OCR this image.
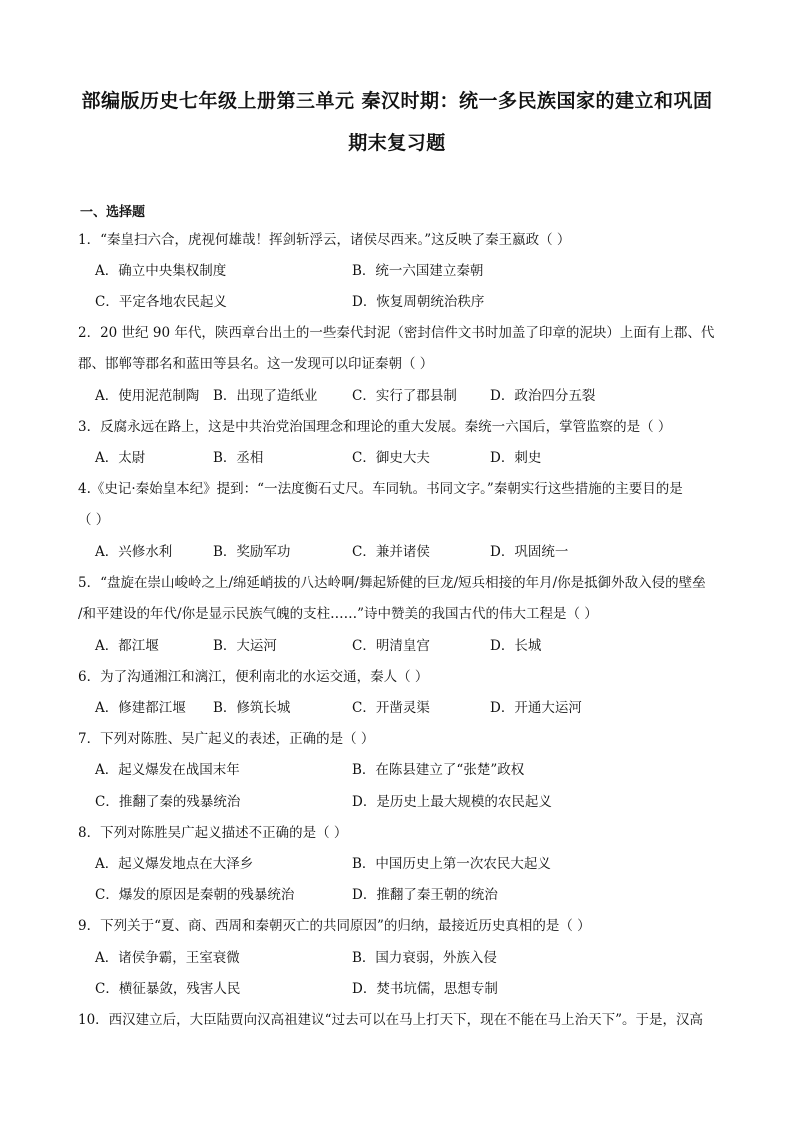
部编版历史七年级上册第三单元 秦汉时期：统一多民族国家的建立和巩固
期末复习题
一、选择题
1．“秦皇扫六合，虎视何雄哉！挥剑斩浮云，诸侯尽西来。”这反映了秦王嬴政（ ）
A．确立中央集权制度	B．统一六国建立秦朝
C．平定各地农民起义	D．恢复周朝统治秩序
2．20 世纪 90 年代，陕西章台出土的一些秦代封泥（密封信件文书时加盖了印章的泥块）上面有上郡、代
郡、邯郸等郡名和蓝田等县名。这一发现可以印证秦朝（ ）
A．使用泥范制陶 B．出现了造纸业	C．实行了郡县制 D．政治四分五裂
3．反腐永远在路上，这是中共治党治国理念和理论的重大发展。秦统一六国后，掌管监察的是（ ）
A．太尉	B．丞相	C．御史大夫	D．刺史
4.《史记·秦始皇本纪》提到：“一法度衡石丈尺。车同轨。书同文字。”秦朝实行这些措施的主要目的是
（ ）
A．兴修水利	B．奖励军功	C．兼并诸侯	D．巩固统一
5．“盘旋在崇山峻岭之上/绵延峭拔的八达岭啊/舞起矫健的巨龙/短兵相接的年月/你是抵御外敌入侵的壁垒
/和平建设的年代/你是显示民族气魄的支柱……”诗中赞美的我国古代的伟大工程是（ ）
A．都江堰	B．大运河	C．明清皇宫	D．长城
6．为了沟通湘江和漓江，便利南北的水运交通，秦人（ ）
A．修建都江堰 B．修筑长城	C．开凿灵渠	D．开通大运河
7．下列对陈胜、吴广起义的表述，正确的是（ ）
A．起义爆发在战国末年	B．在陈县建立了“张楚”政权
C．推翻了秦的残暴统治	D．是历史上最大规模的农民起义
8．下列对陈胜吴广起义描述不正确的是（ ）
A．起义爆发地点在大泽乡	B．中国历史上第一次农民大起义
C．爆发的原因是秦朝的残暴统治	D．推翻了秦王朝的统治
9．下列关于“夏、商、西周和秦朝灭亡的共同原因”的归纳，最接近历史真相的是（ ）
A．诸侯争霸，王室衰微	B．国力衰弱，外族入侵
C．横征暴敛，残害人民	D．焚书坑儒，思想专制
10．西汉建立后，大臣陆贾向汉高祖建议“过去可以在马上打天下，现在不能在马上治天下”。于是，汉高
